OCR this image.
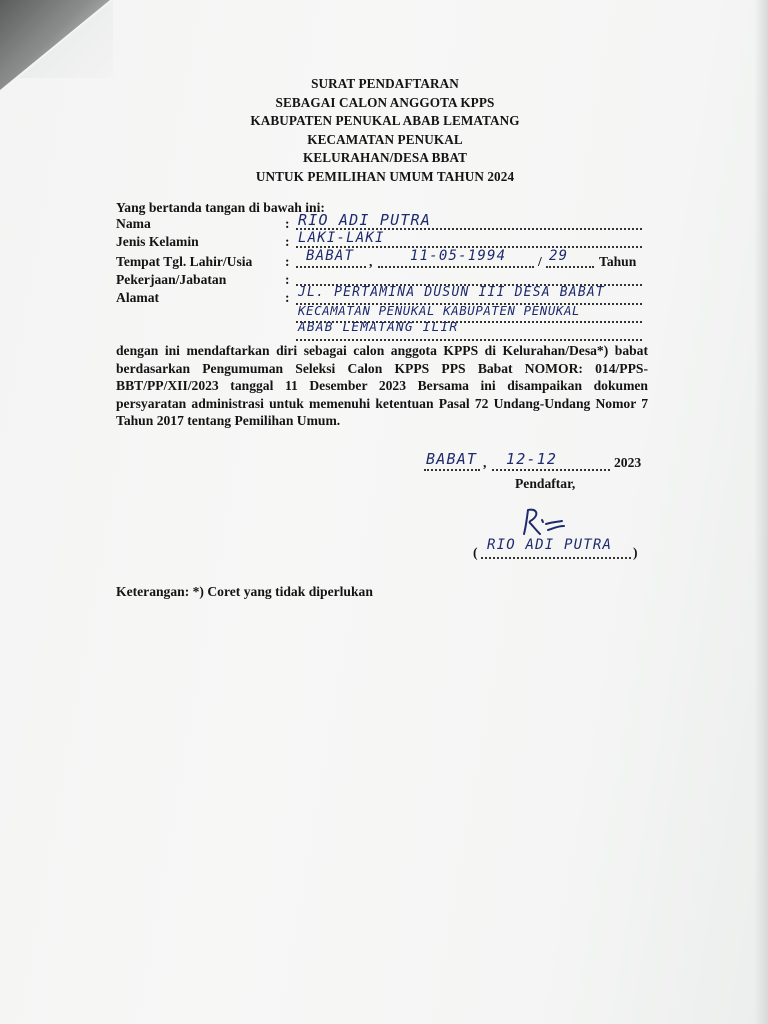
SURAT PENDAFTARAN
SEBAGAI CALON ANGGOTA KPPS
KABUPATEN PENUKAL ABAB LEMATANG
KECAMATAN PENUKAL
KELURAHAN/DESA BBAT
UNTUK PEMILIHAN UMUM TAHUN 2024
Yang bertanda tangan di bawah ini:
Nama	: RIO ADI PUTRA
Jenis Kelamin	: LAKI-LAKI
Tempat Tgl. Lahir/Usia : BABAT ,	11-05-1994 / 29 Tahun
Pekerjaan/Jabatan	:
Alamat	: JL. PERTAMINA DUSUN III DESA BABAT
KECAMATAN PENUKAL KABUPATEN PENUKAL
ABAB LEMATANG ILIR
dengan ini mendaftarkan diri sebagai calon anggota KPPS di Kelurahan/Desa*) babat berdasarkan Pengumuman Seleksi Calon KPPS PPS Babat NOMOR: 014/PPS-BBT/PP/XII/2023 tanggal 11 Desember 2023 Bersama ini disampaikan dokumen persyaratan administrasi untuk memenuhi ketentuan Pasal 72 Undang-Undang Nomor 7 Tahun 2017 tentang Pemilihan Umum.
BABAT , 12-12	2023
Pendaftar,
( RIO ADI PUTRA )
Keterangan: *) Coret yang tidak diperlukan
